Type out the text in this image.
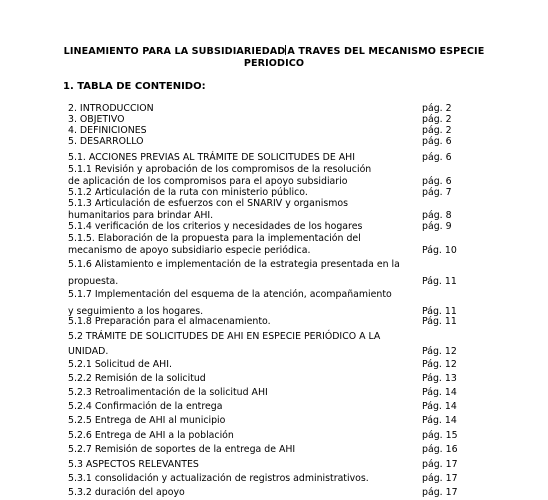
LINEAMIENTO PARA LA SUBSIDIARIEDAD A TRAVES DEL MECANISMO ESPECIE
PERIODICO
1. TABLA DE CONTENIDO:
2. INTRODUCCION	pág. 2
3. OBJETIVO	pág. 2
4. DEFINICIONES	pág. 2
5. DESARROLLO	pág. 6
5.1. ACCIONES PREVIAS AL TRÁMITE DE SOLICITUDES DE AHI	pág. 6
5.1.1 Revisión y aprobación de los compromisos de la resolución
de aplicación de los compromisos para el apoyo subsidiario	pág. 6
5.1.2 Articulación de la ruta con ministerio público.	pág. 7
5.1.3 Articulación de esfuerzos con el SNARIV y organismos
humanitarios para brindar AHI.	pág. 8
5.1.4 verificación de los criterios y necesidades de los hogares	pág. 9
5.1.5. Elaboración de la propuesta para la implementación del
mecanismo de apoyo subsidiario especie periódica.	Pág. 10
5.1.6 Alistamiento e implementación de la estrategia presentada en la
propuesta.	Pág. 11
5.1.7 Implementación del esquema de la atención, acompañamiento
y seguimiento a los hogares.	Pág. 11
5.1.8 Preparación para el almacenamiento.	Pág. 11
5.2 TRÁMITE DE SOLICITUDES DE AHI EN ESPECIE PERIÓDICO A LA
UNIDAD.	Pág. 12
5.2.1 Solicitud de AHI.	Pág. 12
5.2.2 Remisión de la solicitud	Pág. 13
5.2.3 Retroalimentación de la solicitud AHI	Pág. 14
5.2.4 Confirmación de la entrega	Pág. 14
5.2.5 Entrega de AHI al municipio	Pág. 14
5.2.6 Entrega de AHI a la población	pág. 15
5.2.7 Remisión de soportes de la entrega de AHI	pág. 16
5.3 ASPECTOS RELEVANTES	pág. 17
5.3.1 consolidación y actualización de registros administrativos.	pág. 17
5.3.2 duración del apoyo	pág. 17
